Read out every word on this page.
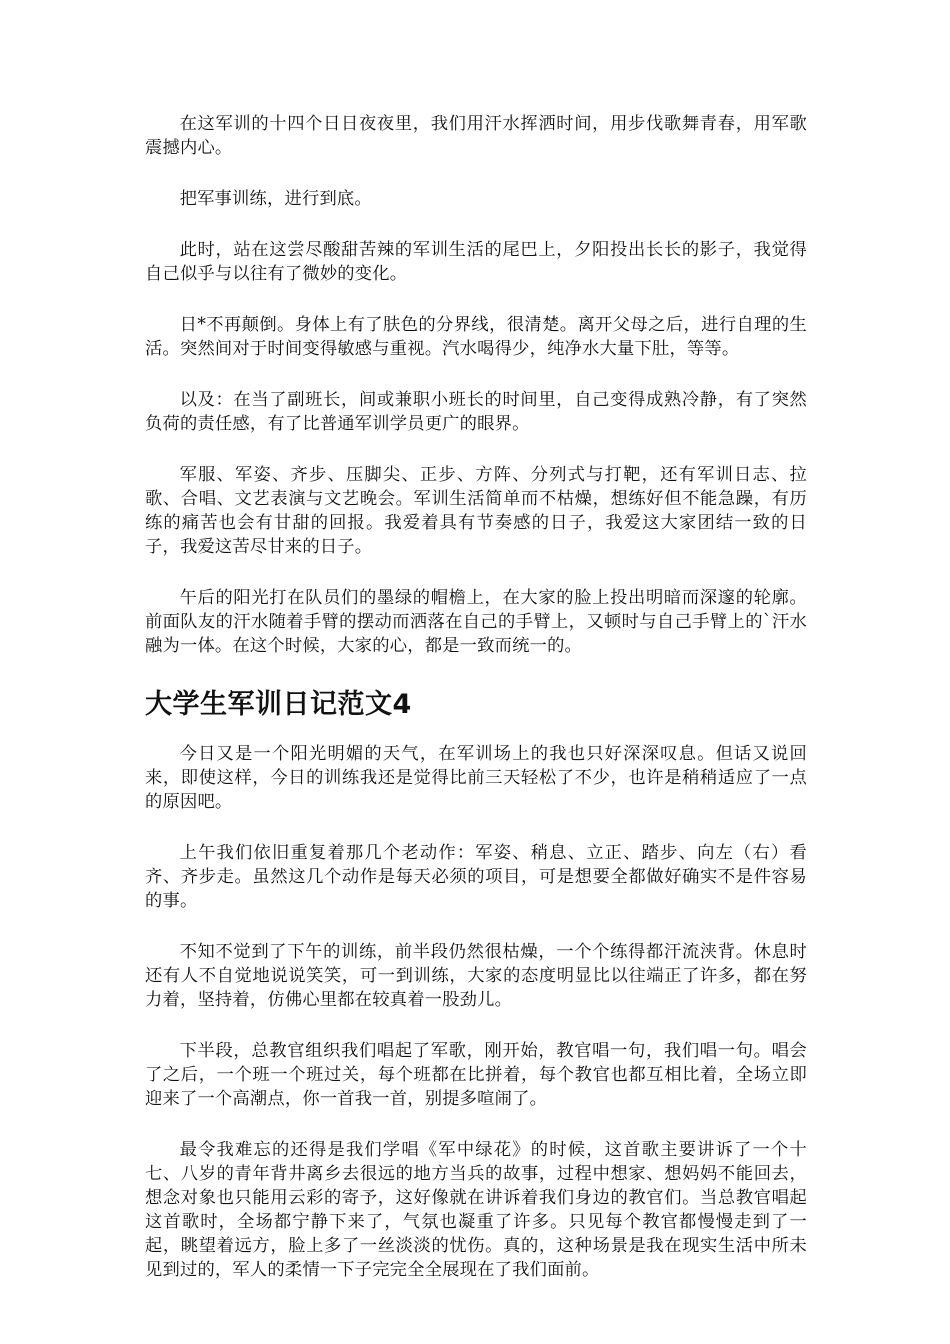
在这军训的十四个日日夜夜里，我们用汗水挥洒时间，用步伐歌舞青春，用军歌震撼内心。

把军事训练，进行到底。

此时，站在这尝尽酸甜苦辣的军训生活的尾巴上，夕阳投出长长的影子，我觉得自己似乎与以往有了微妙的变化。

日*不再颠倒。身体上有了肤色的分界线，很清楚。离开父母之后，进行自理的生活。突然间对于时间变得敏感与重视。汽水喝得少，纯净水大量下肚，等等。

以及：在当了副班长，间或兼职小班长的时间里，自己变得成熟冷静，有了突然负荷的责任感，有了比普通军训学员更广的眼界。

军服、军姿、齐步、压脚尖、正步、方阵、分列式与打靶，还有军训日志、拉歌、合唱、文艺表演与文艺晚会。军训生活简单而不枯燥，想练好但不能急躁，有历练的痛苦也会有甘甜的回报。我爱着具有节奏感的日子，我爱这大家团结一致的日子，我爱这苦尽甘来的日子。

午后的阳光打在队员们的墨绿的帽檐上，在大家的脸上投出明暗而深邃的轮廓。前面队友的汗水随着手臂的摆动而洒落在自己的手臂上，又顿时与自己手臂上的`汗水融为一体。在这个时候，大家的心，都是一致而统一的。

大学生军训日记范文4

今日又是一个阳光明媚的天气，在军训场上的我也只好深深叹息。但话又说回来，即使这样，今日的训练我还是觉得比前三天轻松了不少，也许是稍稍适应了一点的原因吧。

上午我们依旧重复着那几个老动作：军姿、稍息、立正、踏步、向左（右）看齐、齐步走。虽然这几个动作是每天必须的项目，可是想要全都做好确实不是件容易的事。

不知不觉到了下午的训练，前半段仍然很枯燥，一个个练得都汗流浃背。休息时还有人不自觉地说说笑笑，可一到训练，大家的态度明显比以往端正了许多，都在努力着，坚持着，仿佛心里都在较真着一股劲儿。

下半段，总教官组织我们唱起了军歌，刚开始，教官唱一句，我们唱一句。唱会了之后，一个班一个班过关，每个班都在比拼着，每个教官也都互相比着，全场立即迎来了一个高潮点，你一首我一首，别提多喧闹了。

最令我难忘的还得是我们学唱《军中绿花》的时候，这首歌主要讲诉了一个十七、八岁的青年背井离乡去很远的地方当兵的故事，过程中想家、想妈妈不能回去，想念对象也只能用云彩的寄予，这好像就在讲诉着我们身边的教官们。当总教官唱起这首歌时，全场都宁静下来了，气氛也凝重了许多。只见每个教官都慢慢走到了一起，眺望着远方，脸上多了一丝淡淡的忧伤。真的，这种场景是我在现实生活中所未见到过的，军人的柔情一下子完完全全展现在了我们面前。
